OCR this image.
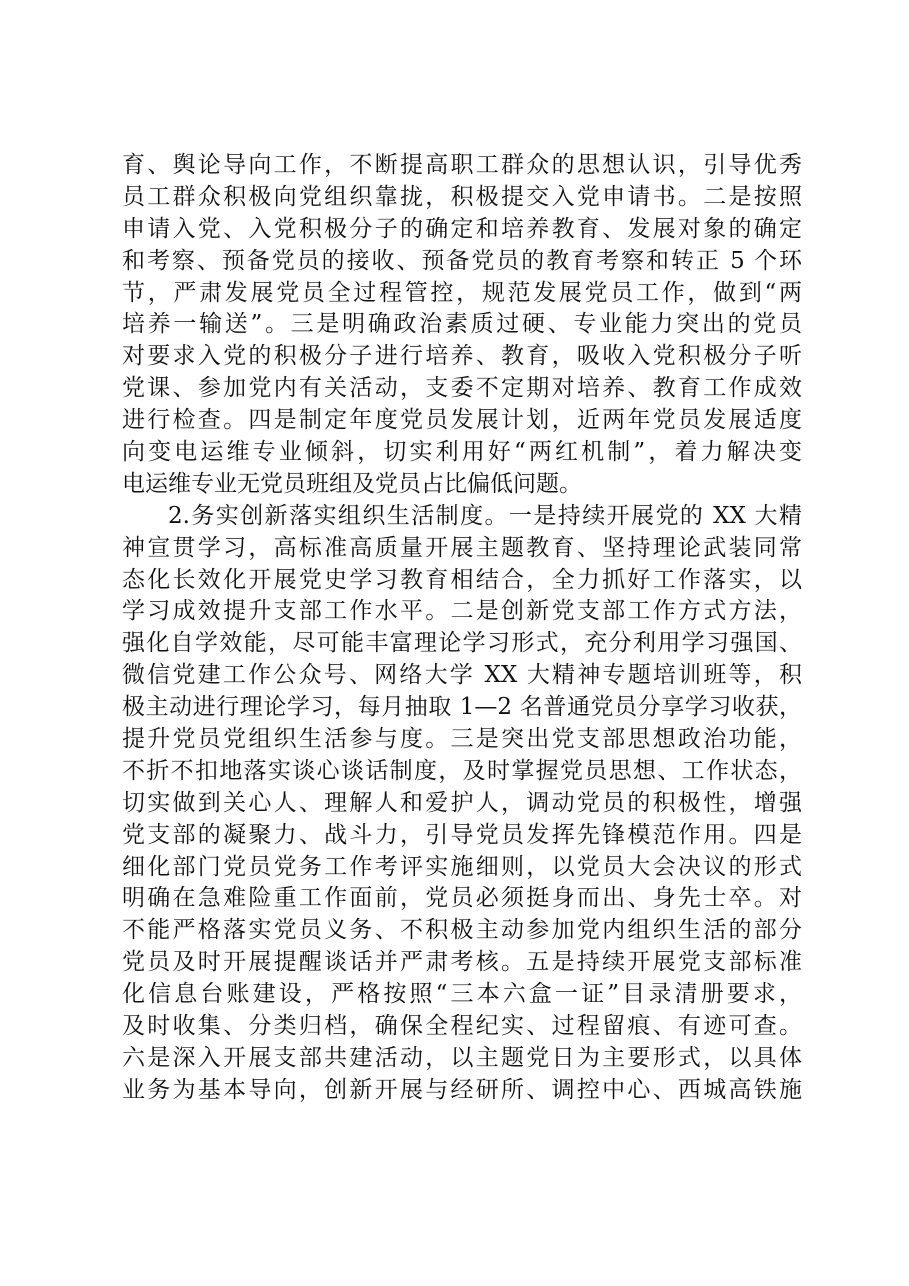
育、舆论导向工作，不断提高职工群众的思想认识，引导优秀
员工群众积极向党组织靠拢，积极提交入党申请书。二是按照
申请入党、入党积极分子的确定和培养教育、发展对象的确定
和考察、预备党员的接收、预备党员的教育考察和转正 5 个环
节，严肃发展党员全过程管控，规范发展党员工作，做到“两
培养一输送”。三是明确政治素质过硬、专业能力突出的党员
对要求入党的积极分子进行培养、教育，吸收入党积极分子听
党课、参加党内有关活动，支委不定期对培养、教育工作成效
进行检查。四是制定年度党员发展计划，近两年党员发展适度
向变电运维专业倾斜，切实利用好“两红机制”，着力解决变
电运维专业无党员班组及党员占比偏低问题。
2.务实创新落实组织生活制度。一是持续开展党的 XX 大精
神宣贯学习，高标准高质量开展主题教育、坚持理论武装同常
态化长效化开展党史学习教育相结合，全力抓好工作落实，以
学习成效提升支部工作水平。二是创新党支部工作方式方法，
强化自学效能，尽可能丰富理论学习形式，充分利用学习强国、
微信党建工作公众号、网络大学 XX 大精神专题培训班等，积
极主动进行理论学习，每月抽取 1—2 名普通党员分享学习收获，
提升党员党组织生活参与度。三是突出党支部思想政治功能，
不折不扣地落实谈心谈话制度，及时掌握党员思想、工作状态，
切实做到关心人、理解人和爱护人，调动党员的积极性，增强
党支部的凝聚力、战斗力，引导党员发挥先锋模范作用。四是
细化部门党员党务工作考评实施细则，以党员大会决议的形式
明确在急难险重工作面前，党员必须挺身而出、身先士卒。对
不能严格落实党员义务、不积极主动参加党内组织生活的部分
党员及时开展提醒谈话并严肃考核。五是持续开展党支部标准
化信息台账建设，严格按照“三本六盒一证”目录清册要求，
及时收集、分类归档，确保全程纪实、过程留痕、有迹可查。
六是深入开展支部共建活动，以主题党日为主要形式，以具体
业务为基本导向，创新开展与经研所、调控中心、西城高铁施
